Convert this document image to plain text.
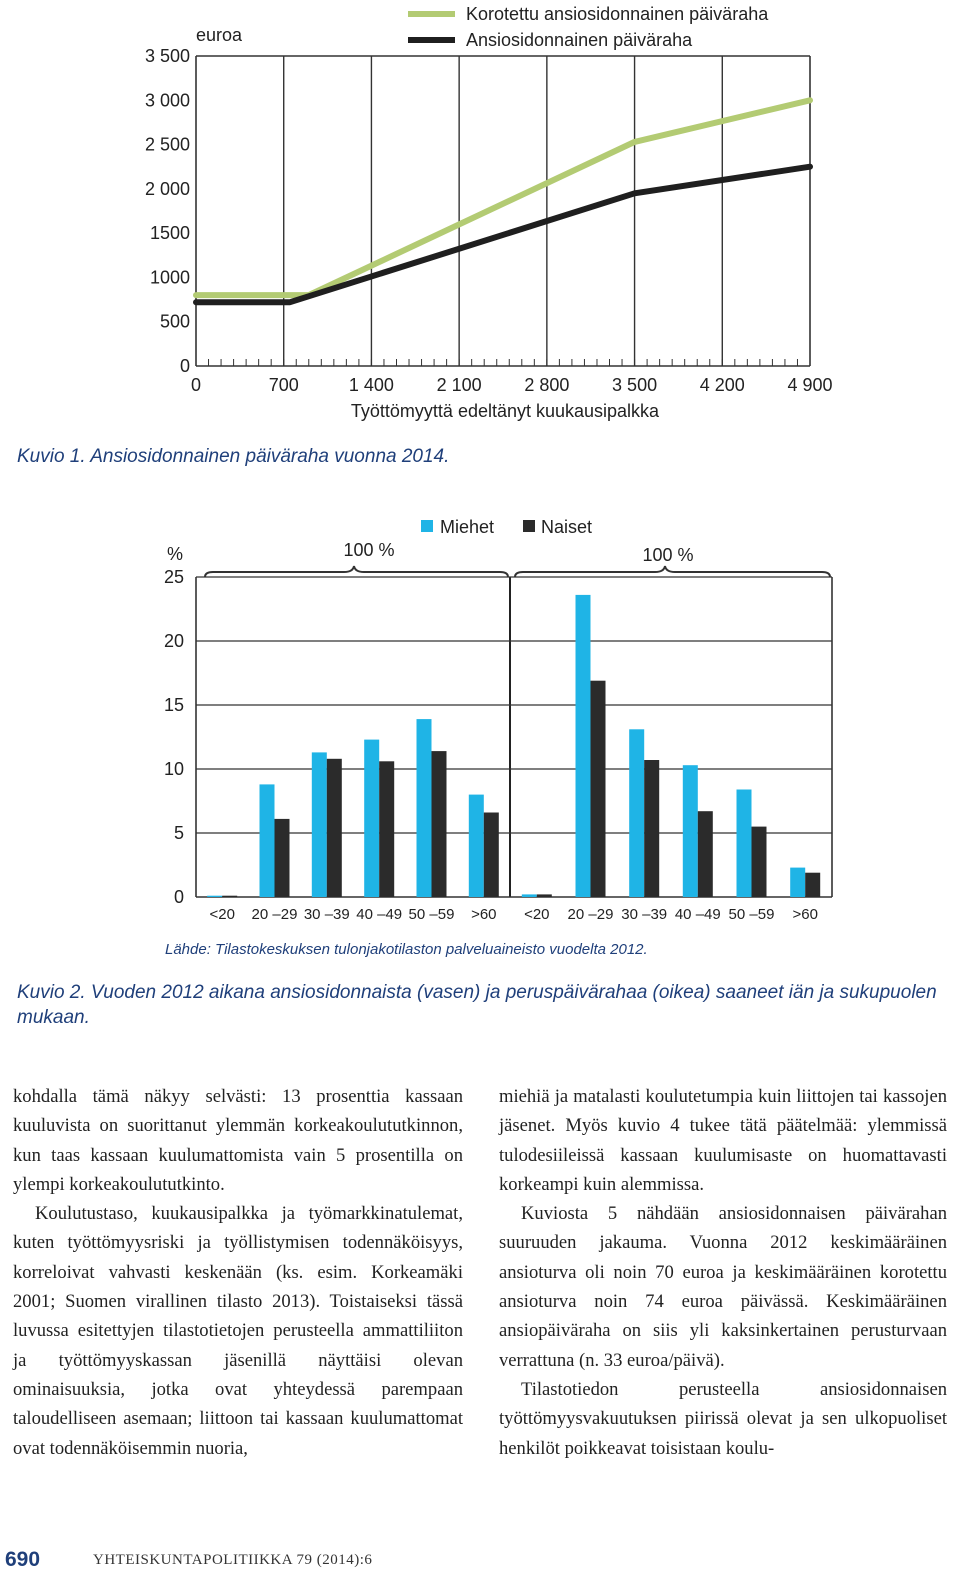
0
500
1000
1500
2 000
2 500
3 000
3 500
0	700	1 400 2 100 2 800 3 500 4 200 4 900
euroa
Työttömyyttä edeltänyt kuukausipalkka
Korotettu ansiosidonnainen päiväraha
Ansiosidonnainen päiväraha
Kuvio 1. Ansiosidonnainen päiväraha vuonna 2014.
0
5
10
15
20
25
<20 20 –29 30 –39 40 –49 50 –59 >60 <20 20 –29 30 –39 40 –49 50 –59 >60
%	100 %	100 %
Miehet	Naiset
Lähde: Tilastokeskuksen tulonjakotilaston palveluaineisto vuodelta 2012.
Kuvio 2. Vuoden 2012 aikana ansiosidonnaista (vasen) ja peruspäivärahaa (oikea) saaneet iän ja sukupuolen mukaan.

kohdalla tämä näkyy selvästi: 13 prosenttia kassaan kuuluvista on suorittanut ylemmän korkeakoulututkinnon, kun taas kassaan kuulumattomista vain 5 prosentilla on ylempi korkeakoulututkinto.

Koulutustaso, kuukausipalkka ja työmarkkinatulemat, kuten työttömyysriski ja työllistymisen todennäköisyys, korreloivat vahvasti keskenään (ks. esim. Korkeamäki 2001; Suomen virallinen tilasto 2013). Toistaiseksi tässä luvussa esitettyjen tilastotietojen perusteella ammattiliiton ja työttömyyskassan jäsenillä näyttäisi olevan ominaisuuksia, jotka ovat yhteydessä parempaan taloudelliseen asemaan; liittoon tai kassaan kuulumattomat ovat todennäköisemmin nuoria,

miehiä ja matalasti koulutetumpia kuin liittojen tai kassojen jäsenet. Myös kuvio 4 tukee tätä päätelmää: ylemmissä tulodesiileissä kassaan kuulumisaste on huomattavasti korkeampi kuin alemmissa.

Kuviosta 5 nähdään ansiosidonnaisen päivärahan suuruuden jakauma. Vuonna 2012 keskimääräinen ansioturva oli noin 70 euroa ja keskimääräinen korotettu ansioturva noin 74 euroa päivässä. Keskimääräinen ansiopäiväraha on siis yli kaksinkertainen perusturvaan verrattuna (n. 33 euroa/päivä).

Tilastotiedon perusteella ansiosidonnaisen työttömyysvakuutuksen piirissä olevat ja sen ulkopuoliset henkilöt poikkeavat toisistaan koulu-

690	YHTEISKUNTAPOLITIIKKA 79 (2014):6
